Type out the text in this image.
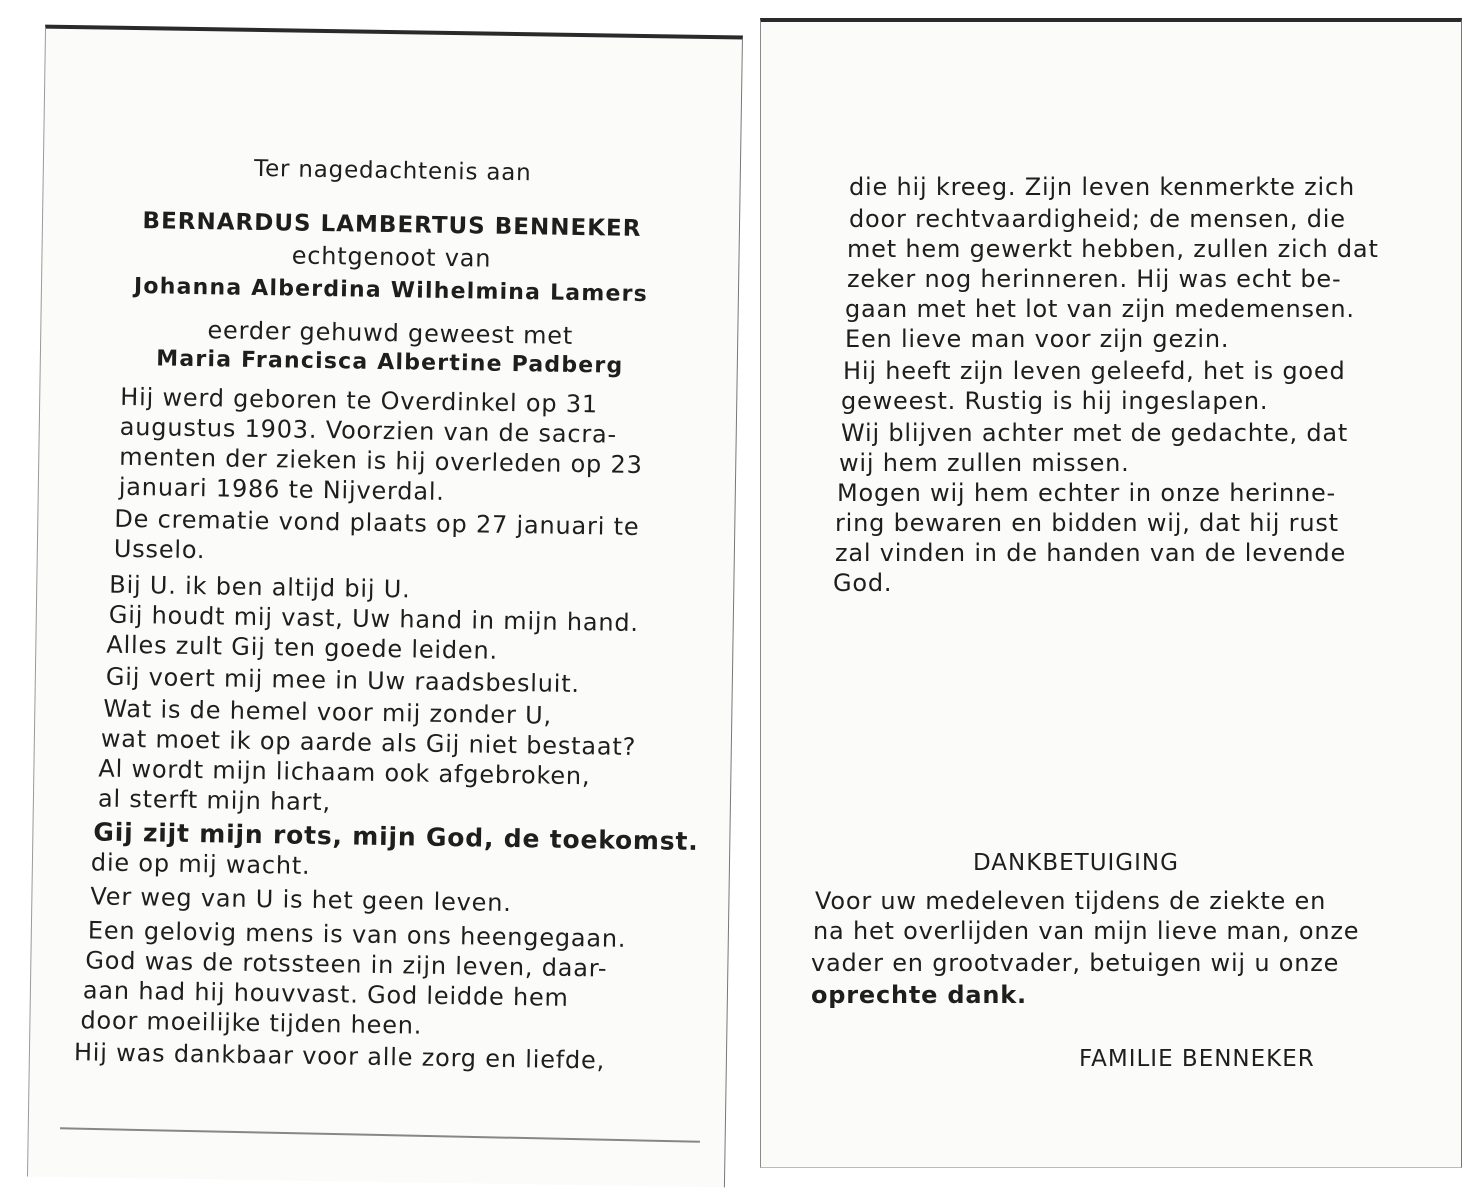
Ter nagedachtenis aan
BERNARDUS LAMBERTUS BENNEKER
echtgenoot van
Johanna Alberdina Wilhelmina Lamers
eerder gehuwd geweest met
Maria Francisca Albertine Padberg
Hij werd geboren te Overdinkel op 31
augustus 1903. Voorzien van de sacra-
menten der zieken is hij overleden op 23
januari 1986 te Nijverdal.
De crematie vond plaats op 27 januari te
Usselo.
Bij U. ik ben altijd bij U.
Gij houdt mij vast, Uw hand in mijn hand.
Alles zult Gij ten goede leiden.
Gij voert mij mee in Uw raadsbesluit.
Wat is de hemel voor mij zonder U,
wat moet ik op aarde als Gij niet bestaat?
Al wordt mijn lichaam ook afgebroken,
al sterft mijn hart,
Gij zijt mijn rots, mijn God, de toekomst.
die op mij wacht.
Ver weg van U is het geen leven.
Een gelovig mens is van ons heengegaan.
God was de rotssteen in zijn leven, daar-
aan had hij houvvast. God leidde hem
door moeilijke tijden heen.
Hij was dankbaar voor alle zorg en liefde,
die hij kreeg. Zijn leven kenmerkte zich
door rechtvaardigheid; de mensen, die
met hem gewerkt hebben, zullen zich dat
zeker nog herinneren. Hij was echt be-
gaan met het lot van zijn medemensen.
Een lieve man voor zijn gezin.
Hij heeft zijn leven geleefd, het is goed
geweest. Rustig is hij ingeslapen.
Wij blijven achter met de gedachte, dat
wij hem zullen missen.
Mogen wij hem echter in onze herinne-
ring bewaren en bidden wij, dat hij rust
zal vinden in de handen van de levende
God.
DANKBETUIGING
Voor uw medeleven tijdens de ziekte en
na het overlijden van mijn lieve man, onze
vader en grootvader, betuigen wij u onze
oprechte dank.
FAMILIE BENNEKER
